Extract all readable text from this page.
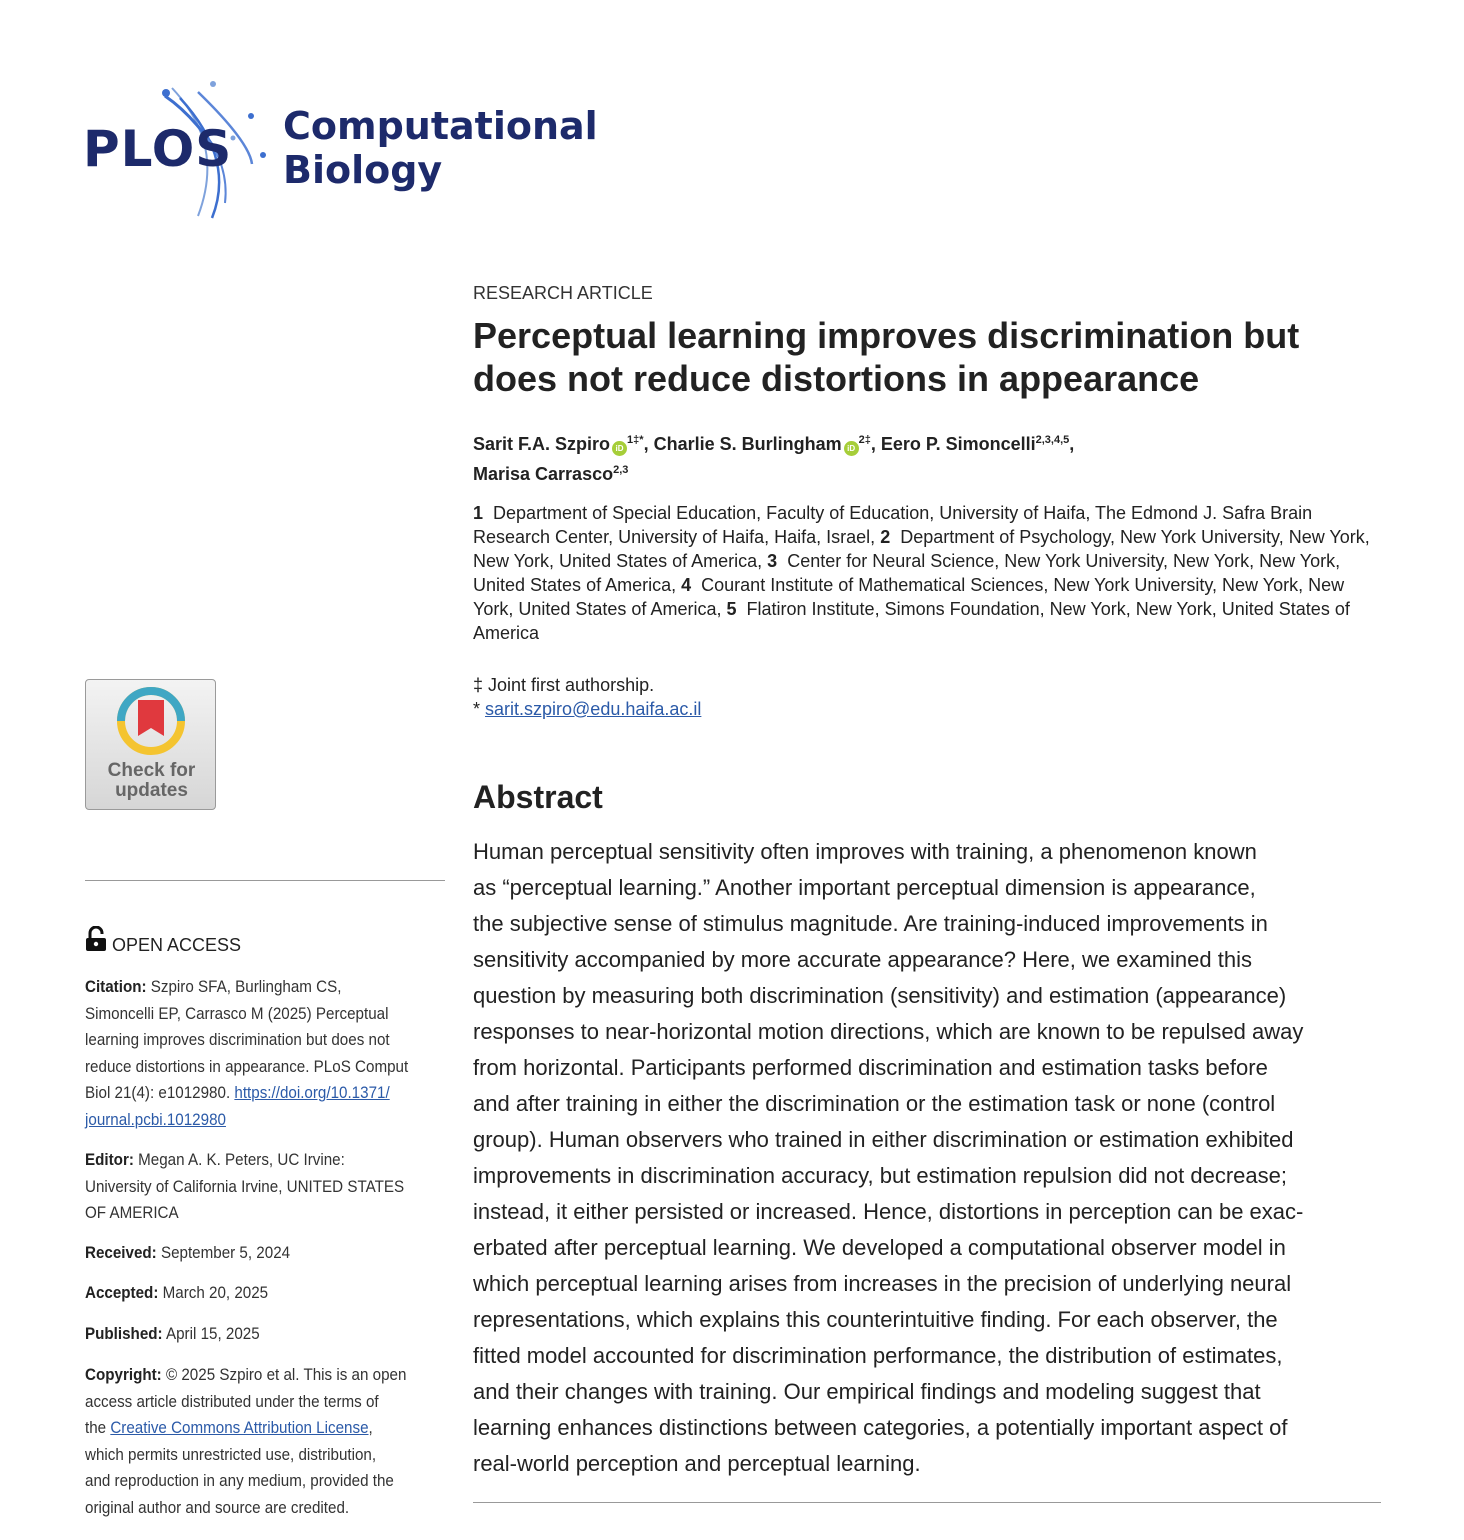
PLOS Computational
Biology
Check for
updates
OPEN ACCESS
Citation: Szpiro SFA, Burlingham CS,
Simoncelli EP, Carrasco M (2025) Perceptual
learning improves discrimination but does not
reduce distortions in appearance. PLoS Comput
Biol 21(4): e1012980. https://doi.org/10.1371/
journal.pcbi.1012980
Editor: Megan A. K. Peters, UC Irvine:
University of California Irvine, UNITED STATES
OF AMERICA
Received: September 5, 2024
Accepted: March 20, 2025
Published: April 15, 2025
Copyright: © 2025 Szpiro et al. This is an open
access article distributed under the terms of
the Creative Commons Attribution License,
which permits unrestricted use, distribution,
and reproduction in any medium, provided the
original author and source are credited.
RESEARCH ARTICLE
Perceptual learning improves discrimination but
does not reduce distortions in appearance
Sarit F.A. Szpiro $iD^{1\ddagger*}$, Charlie S. Burlingham $iD^{2\ddagger}$, Eero P. Simoncelli$^{2,3,4,5}$,
Marisa Carrasco$^{2,3}$
1 Department of Special Education, Faculty of Education, University of Haifa, The Edmond J. Safra Brain Research Center, University of Haifa, Haifa, Israel, 2 Department of Psychology, New York University, New York, New York, United States of America, 3 Center for Neural Science, New York University, New York, New York, United States of America, 4 Courant Institute of Mathematical Sciences, New York University, New York, New York, United States of America, 5 Flatiron Institute, Simons Foundation, New York, New York, United States of America
‡ Joint first authorship.
* sarit.szpiro@edu.haifa.ac.il
Abstract
Human perceptual sensitivity often improves with training, a phenomenon known
as “perceptual learning.” Another important perceptual dimension is appearance,
the subjective sense of stimulus magnitude. Are training-induced improvements in
sensitivity accompanied by more accurate appearance? Here, we examined this
question by measuring both discrimination (sensitivity) and estimation (appearance)
responses to near-horizontal motion directions, which are known to be repulsed away
from horizontal. Participants performed discrimination and estimation tasks before
and after training in either the discrimination or the estimation task or none (control
group). Human observers who trained in either discrimination or estimation exhibited
improvements in discrimination accuracy, but estimation repulsion did not decrease;
instead, it either persisted or increased. Hence, distortions in perception can be exac-
erbated after perceptual learning. We developed a computational observer model in
which perceptual learning arises from increases in the precision of underlying neural
representations, which explains this counterintuitive finding. For each observer, the
fitted model accounted for discrimination performance, the distribution of estimates,
and their changes with training. Our empirical findings and modeling suggest that
learning enhances distinctions between categories, a potentially important aspect of
real-world perception and perceptual learning.
